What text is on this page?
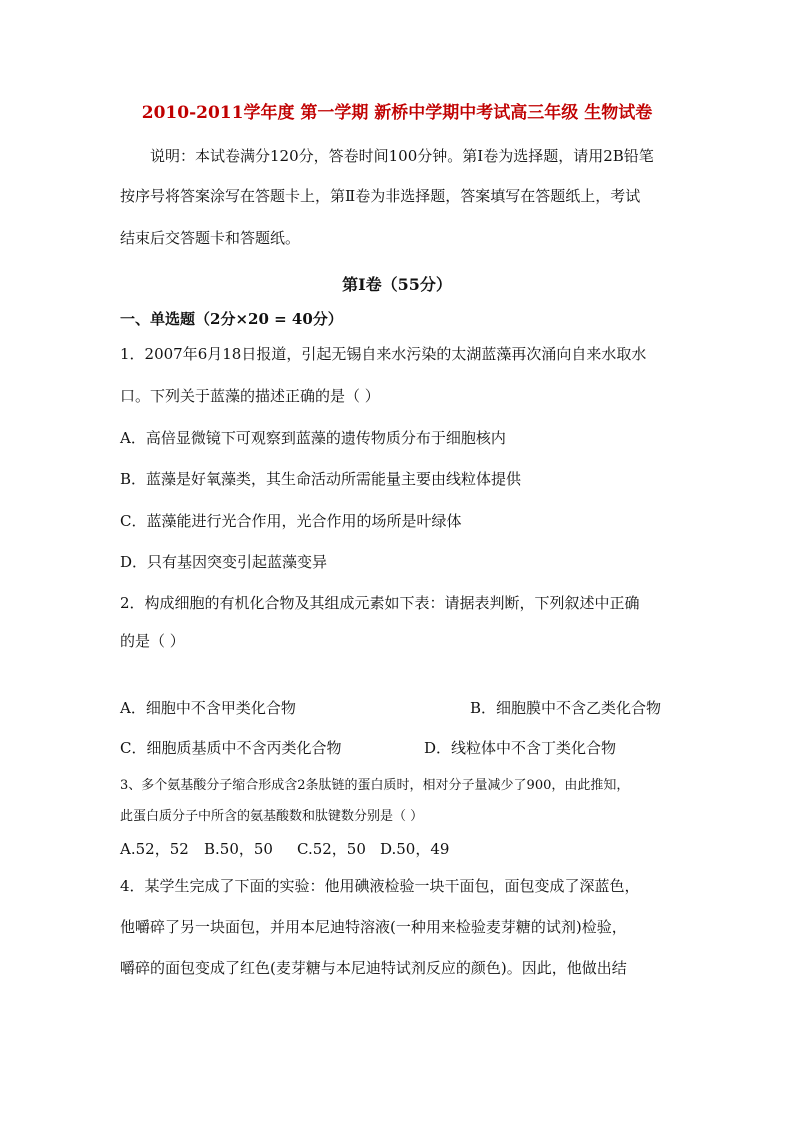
2010-2011学年度 第一学期 新桥中学期中考试高三年级 生物试卷
说明：本试卷满分120分，答卷时间100分钟。第Ⅰ卷为选择题，请用2B铅笔
按序号将答案涂写在答题卡上，第Ⅱ卷为非选择题，答案填写在答题纸上，考试
结束后交答题卡和答题纸。
第Ⅰ卷（55分）
一、单选题（2分×20 = 40分）
1．2007年6月18日报道，引起无锡自来水污染的太湖蓝藻再次涌向自来水取水
口。下列关于蓝藻的描述正确的是（ ）
A．高倍显微镜下可观察到蓝藻的遗传物质分布于细胞核内
B．蓝藻是好氧藻类，其生命活动所需能量主要由线粒体提供
C．蓝藻能进行光合作用，光合作用的场所是叶绿体
D．只有基因突变引起蓝藻变异
2．构成细胞的有机化合物及其组成元素如下表：请据表判断，下列叙述中正确
的是（ ）
A．细胞中不含甲类化合物	B．细胞膜中不含乙类化合物
C．细胞质基质中不含丙类化合物	D．线粒体中不含丁类化合物
3、多个氨基酸分子缩合形成含2条肽链的蛋白质时，相对分子量减少了900，由此推知，
此蛋白质分子中所含的氨基酸数和肽键数分别是（ ）
A.52，52 B.50，50 C.52，50 D.50，49
4．某学生完成了下面的实验：他用碘液检验一块干面包，面包变成了深蓝色，
他嚼碎了另一块面包，并用本尼迪特溶液(一种用来检验麦芽糖的试剂)检验，
嚼碎的面包变成了红色(麦芽糖与本尼迪特试剂反应的颜色)。因此，他做出结
